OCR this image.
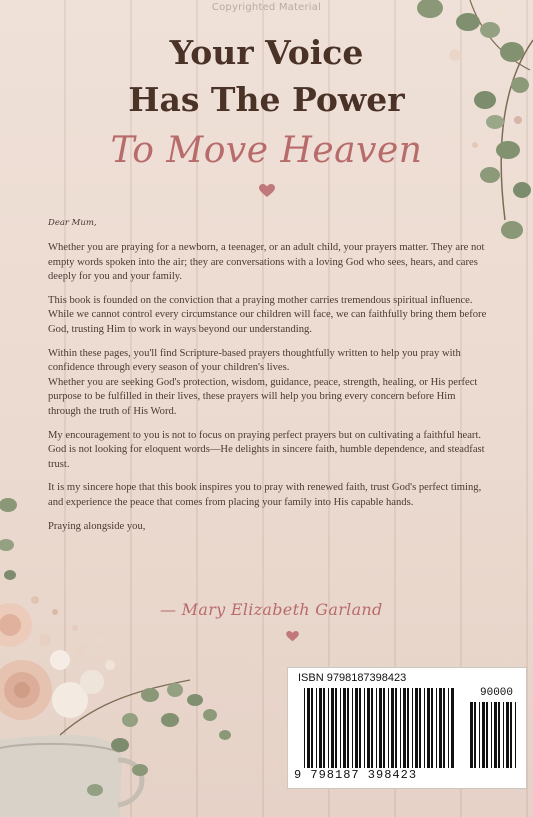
Copyrighted Material
Your Voice
Has The Power
To Move Heaven
Dear Mum,

Whether you are praying for a newborn, a teenager, or an adult child, your prayers matter. They are not empty words spoken into the air; they are conversations with a loving God who sees, hears, and cares deeply for you and your family.

This book is founded on the conviction that a praying mother carries tremendous spiritual influence. While we cannot control every circumstance our children will face, we can faithfully bring them before God, trusting Him to work in ways beyond our understanding.

Within these pages, you'll find Scripture-based prayers thoughtfully written to help you pray with confidence through every season of your children's lives.

Whether you are seeking God's protection, wisdom, guidance, peace, strength, healing, or His perfect purpose to be fulfilled in their lives, these prayers will help you bring every concern before Him through the truth of His Word.

My encouragement to you is not to focus on praying perfect prayers but on cultivating a faithful heart. God is not looking for eloquent words—He delights in sincere faith, humble dependence, and steadfast trust.

It is my sincere hope that this book inspires you to pray with renewed faith, trust God's perfect timing, and experience the peace that comes from placing your family into His capable hands.

Praying alongside you,

— Mary Elizabeth Garland
ISBN 9798187398423
90000
9 798187 398423
